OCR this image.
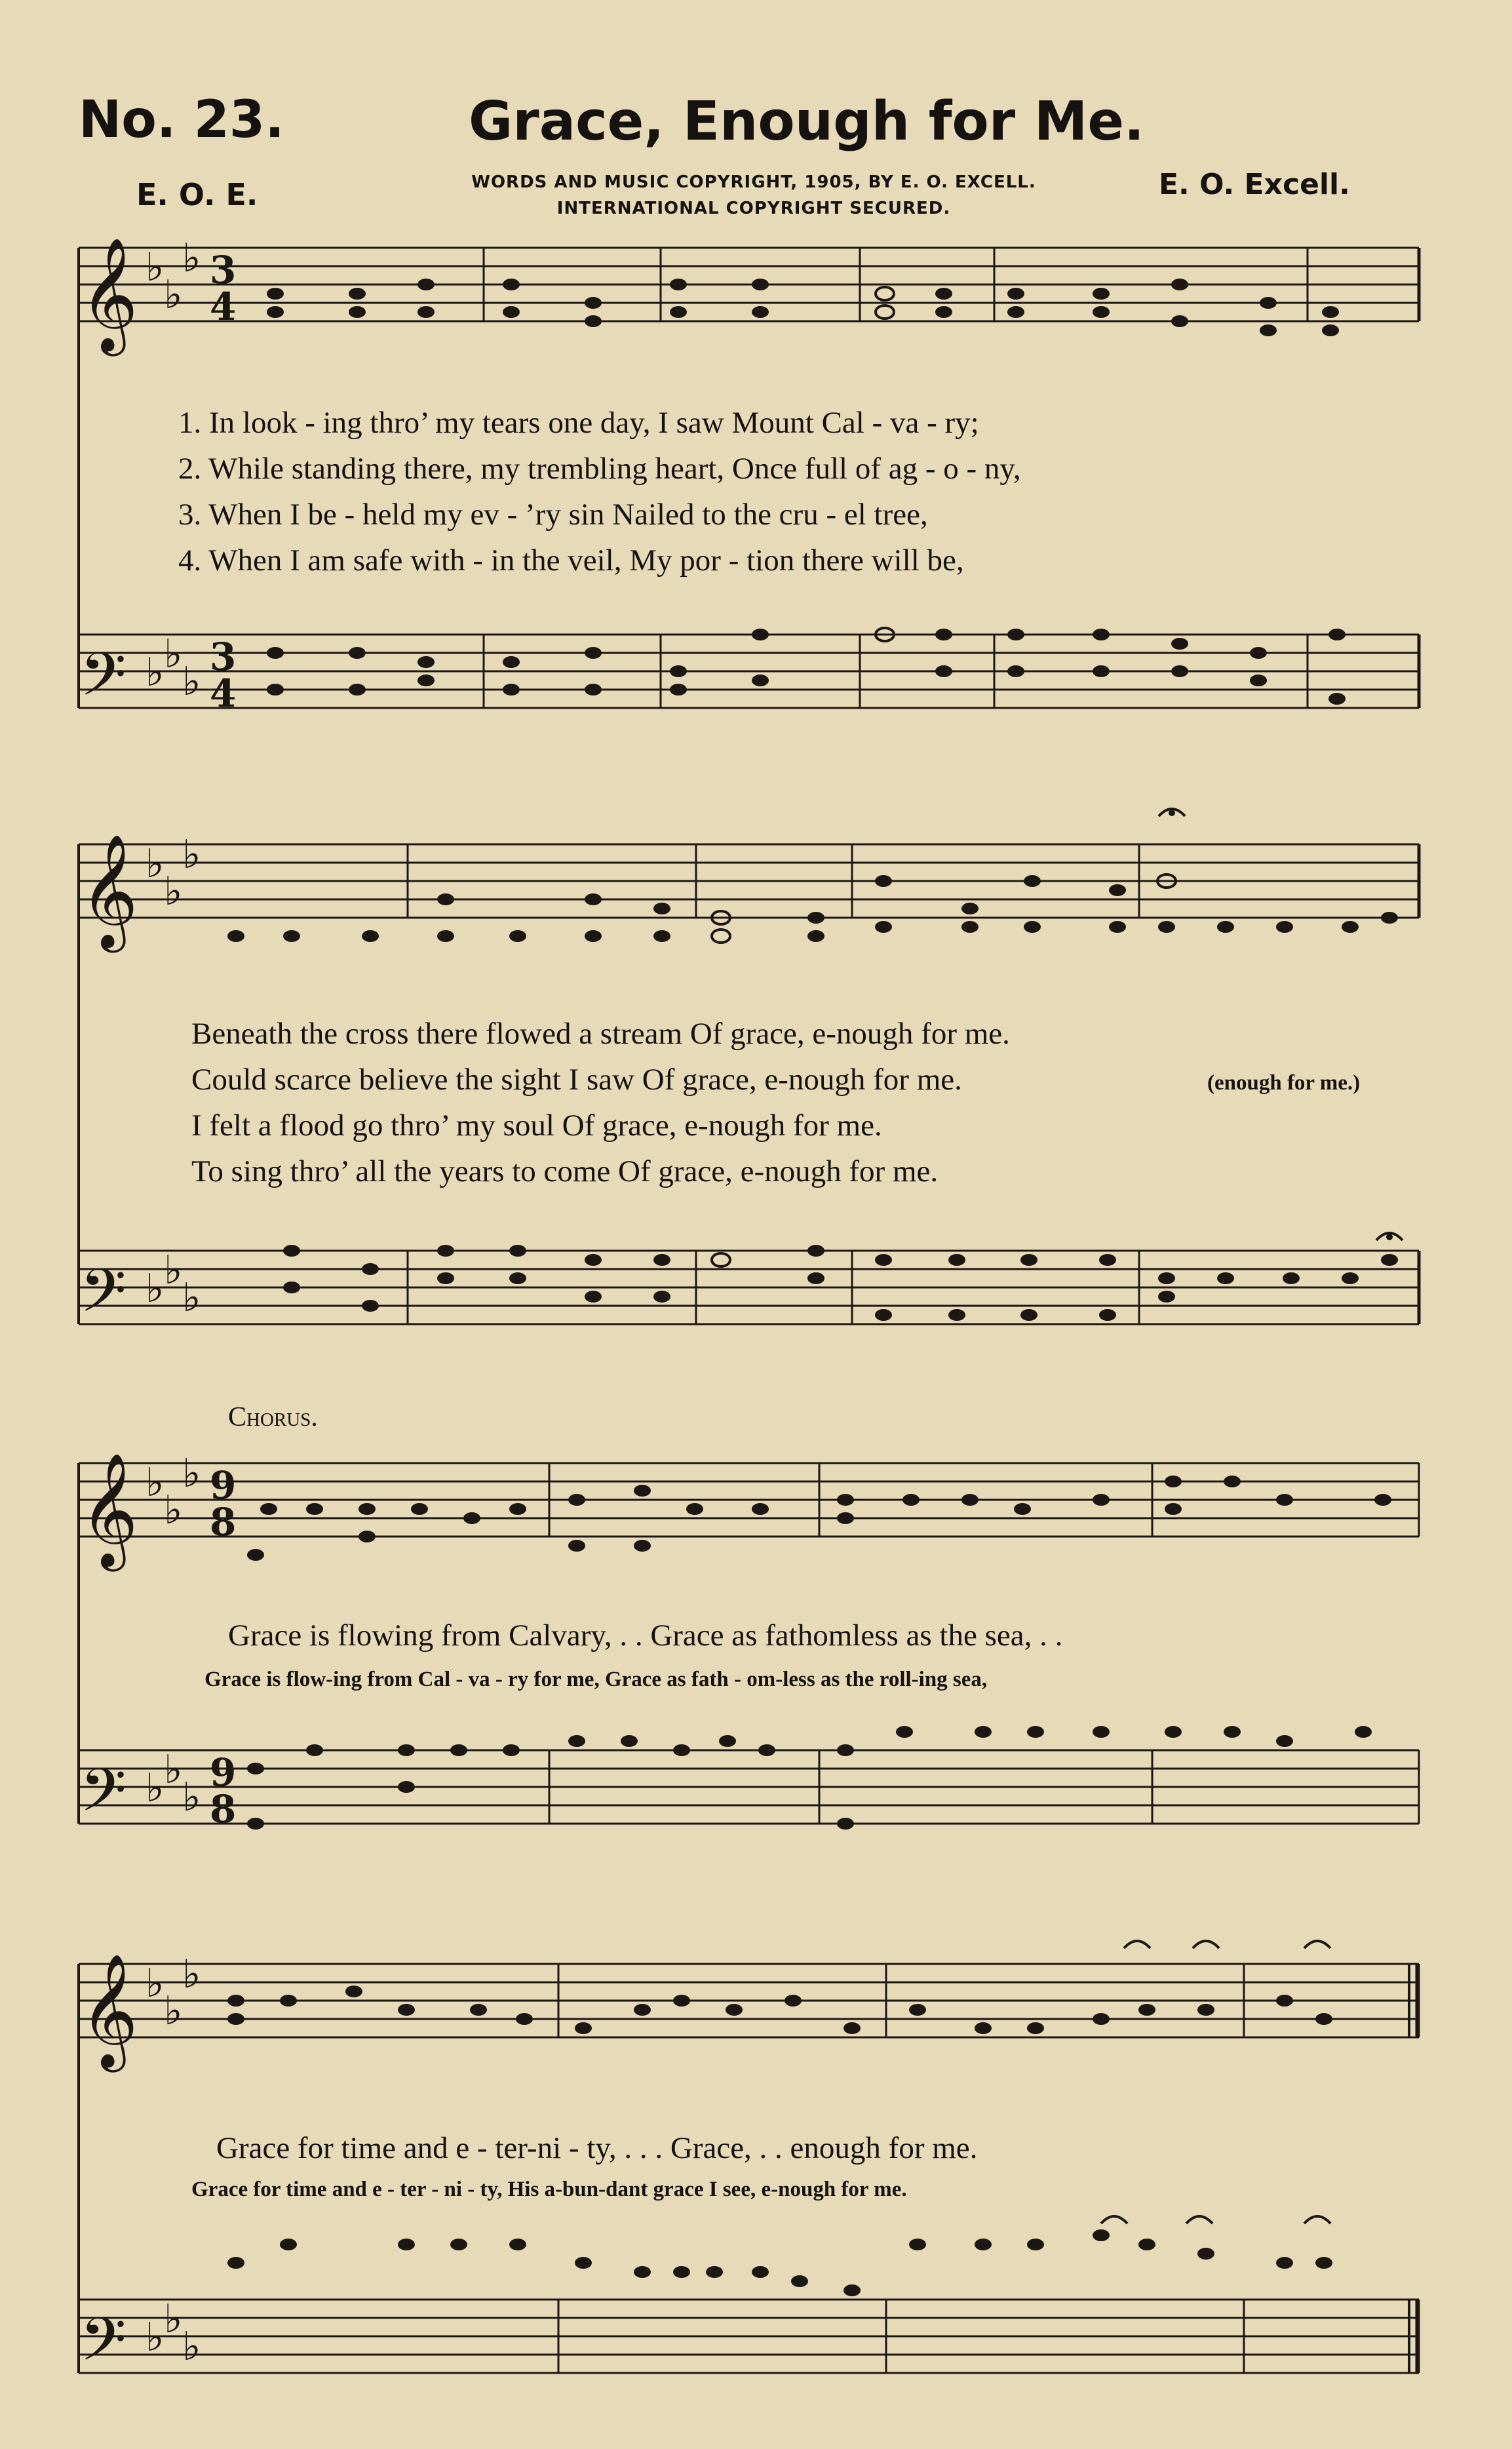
No. 23.	Grace, Enough for Me.
E. O. E.	WORDS AND MUSIC COPYRIGHT, 1905, BY E. O. EXCELL.
INTERNATIONAL COPYRIGHT SECURED.
E. O. Excell.
𝄞
𝄢
𝄞
𝄢
𝄞
𝄢
𝄞
𝄢
♭
♭
♭
♭ ♭
♭
♭
♭
♭
♭ ♭
♭
♭
♭
♭
♭ ♭
♭
♭
♭
♭
♭ ♭
♭
3
4
3
4
9
8
9
8
1. In look - ing thro’ my tears one day, I saw Mount Cal - va - ry;
2. While standing there, my trembling heart, Once full of ag - o - ny,
3. When I be - held my ev - ’ry sin Nailed to the cru - el tree,
4. When I am safe with - in the veil, My por - tion there will be,
Beneath the cross there flowed a stream Of grace, e-nough for me.
Could scarce believe the sight I saw Of grace, e-nough for me.	(enough for me.)
I felt a flood go thro’ my soul Of grace, e-nough for me.
To sing thro’ all the years to come Of grace, e-nough for me.
Chorus.
Grace is flowing from Calvary, . . Grace as fathomless as the sea, . .
Grace is flow-ing from Cal - va - ry for me, Grace as fath - om-less as the roll-ing sea,
Grace for time and e - ter-ni - ty, . . . Grace, . . enough for me.
Grace for time and e - ter - ni - ty, His a-bun-dant grace I see, e-nough for me.
